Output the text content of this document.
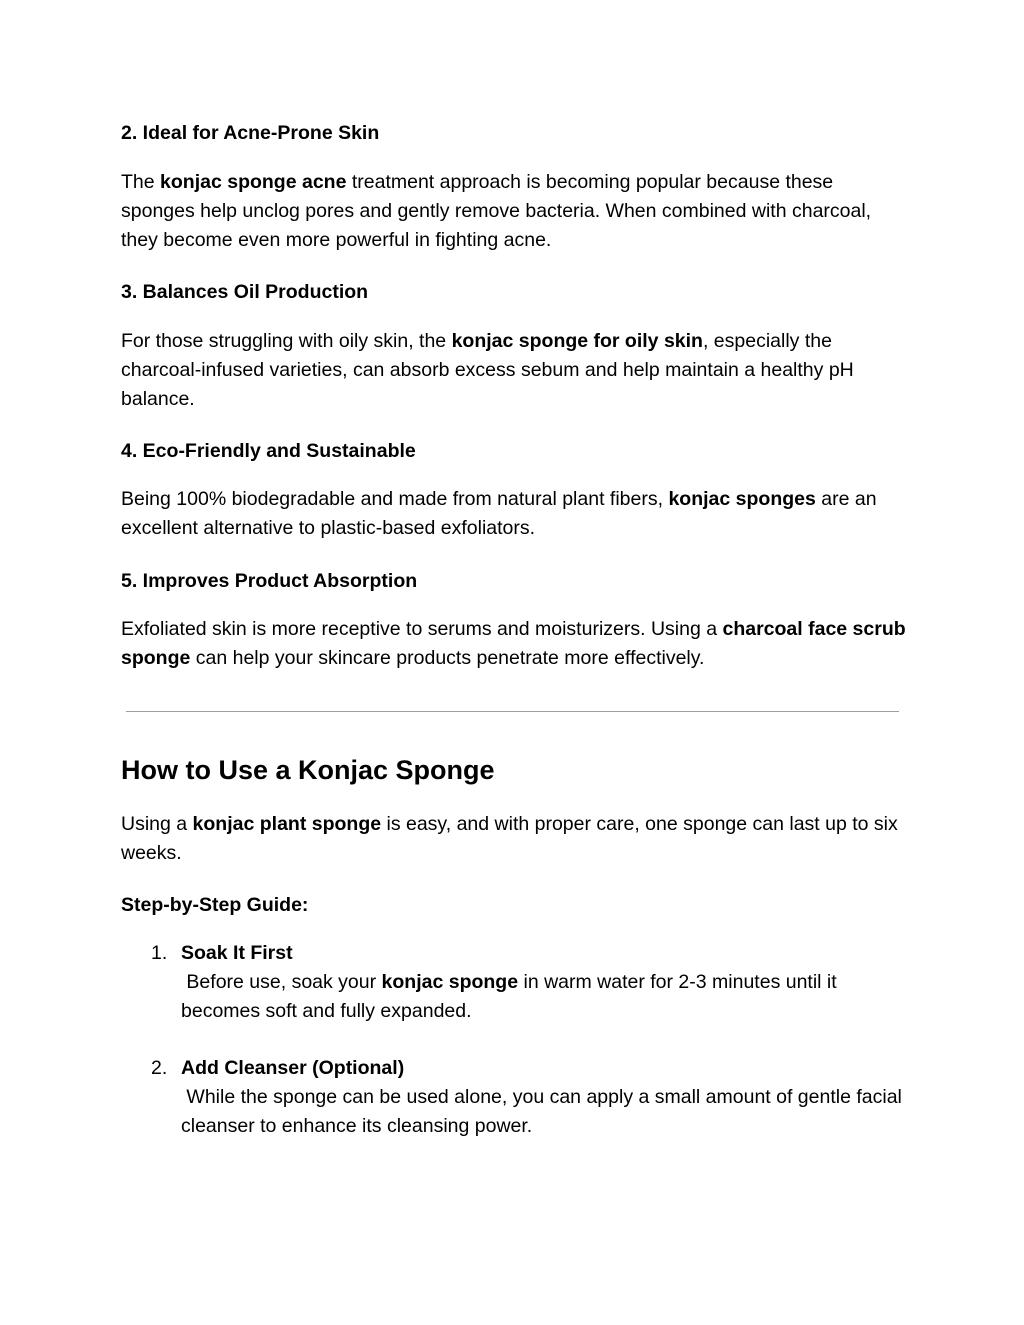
2. Ideal for Acne-Prone Skin

The konjac sponge acne treatment approach is becoming popular because these sponges help unclog pores and gently remove bacteria. When combined with charcoal, they become even more powerful in fighting acne.

3. Balances Oil Production

For those struggling with oily skin, the konjac sponge for oily skin, especially the charcoal-infused varieties, can absorb excess sebum and help maintain a healthy pH balance.

4. Eco-Friendly and Sustainable

Being 100% biodegradable and made from natural plant fibers, konjac sponges are an excellent alternative to plastic-based exfoliators.

5. Improves Product Absorption

Exfoliated skin is more receptive to serums and moisturizers. Using a charcoal face scrub sponge can help your skincare products penetrate more effectively.

How to Use a Konjac Sponge

Using a konjac plant sponge is easy, and with proper care, one sponge can last up to six weeks.

Step-by-Step Guide:
1. Soak It First
Before use, soak your konjac sponge in warm water for 2-3 minutes until it becomes soft and fully expanded.
2. Add Cleanser (Optional)
While the sponge can be used alone, you can apply a small amount of gentle facial cleanser to enhance its cleansing power.
